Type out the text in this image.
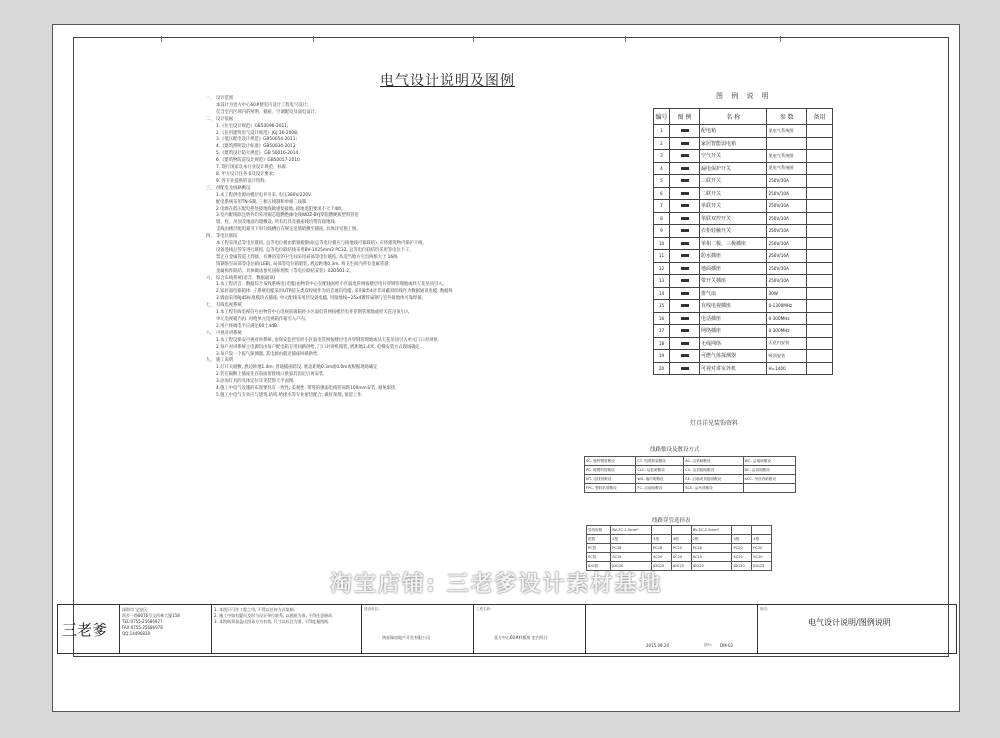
电气设计说明及图例
一、 设计范围
本设计为壹方中心60#楼室内设计工程电气设计;
仅含室内区域内的照明、插座、空调配电及弱电设计。
二、 设计依据
1.《住宅设计规范》GB50096-2011;
2.《民用建筑电气设计规范》JGJ 16-2008;
3.《低压配电设计规范》GB50054-2011;
4.《建筑照明设计标准》GB50034-2013
5.《建筑设计防火规范》 GB 50016-2014
6.《建筑物防雷设计规范》GB50057-2010
7. 现行国家及本行业设计规范、标准.
8. 甲方设计任务书及设计要求;
9. 各专业提供的设计资料;
三、 供配电及线路敷设
1.本工程供电源由楼层电井引来, 电压380V/220V.
配电系统采用TN-S制, 三相五线制和单相三线制.
2.电源在低压配电柜处接地线做重复接地, 接地电阻要求不大于4欧。
3.室内配线除注明外均采用铜芯阻燃绝缘电线WDZ-BYJ穿阻燃硬质塑料管沿
墙、柱、吊顶及地面内暗敷设, 所有灯具及插座线均带有接地线.
支线由楼层配电箱引下时分线槽后在规定沿墙暗敷至插座, 具体详见施工图。
四、 等电位联结
本工程采用总等电位联结, 总等电位板由紫铜板制成(总等电位板应与接地线可靠联结), 应将建筑物内保护干线、
设备进线总管等进行联结, 总等电位联结线采用BV-1X25mm2 PC32, 总等电位联结均采用等电位卡子,
禁止在金属管道上焊接。有淋浴室的卫生间采用局部等电位联结, 从适当地方引出两根大于 16线
钩钢筋至局部等电位箱(LEB), 局部等电位箱暗装, 底边距地0.3m, 将卫生间内所有金属管道、
金属构件联结。具体做法参见国标图集《等电位联结安装》02D501-2。
六、 综合布线系统(语音、数据通讯)
1.本工程语音、数据综合布线系统电(光缆)由物管中心在配线间经小区弱电管网按楼层电井穿钢管埋地或经天花吊顶引入。
2.家居弱电箱箱体: 子系统电缆采用UTP超五类双绞线作为语音通讯电缆, 采用8类4对非屏蔽双绞线作为数据通讯电缆, 数据终
3.墙面采用RJ45标准模块式插座, 单元配线采用层设备电缆, 用接地线~25x4镀锌扁钢与室外接地体可靠焊接。
七、 有线电视系统
1.本工程有线电视信号由物管中心电视前端箱经小区弱电管网按楼层电井穿钢管埋地或经天花吊顶引入
单元电视箱内再. 再给单元电视箱作箱引入户内。
2.用户终端电平应满足60土4dB.
八、 可视对讲系统
1.本工程设保安可视对讲系统, 由保安监控室经小区弱电管网按楼层电井穿钢管埋地或从天花吊顶引入单元门口对讲机.
2.每户对讲系统主电源均由每户配电箱专用回路供给, 门口对讲机箱装, 底距地1.4米, 电梯安装方式现场确定.
3.每户设一个报气探测器, 其电源由就近插座回路供给.
九、 施工说明
1.灯开关暗敷, 底边距地1.4m; 普通插座暗设, 底边距地0.3m或0.0m或根据现场确定
2.装在隔断上插座先在南面留接线口供家具固定后再安装.
3.添加灯具的具体定位详见装饰天平面图.
4.施工中电气设施的布置要具有一致性, 美观性. 带进的强弱电线管间距100mm安装, 避免窜扰.
5.施工中电气专业应与建筑,结构,给排水等专业密切配合, 做好预埋, 预留工作.
图 例 说 明
编号	图 例	名 称	参 数	备用
1		配电箱	见电气系统图	
2		家居智能弱电箱		
3		空气开关	见电气系统图	
4		漏电保护开关	见电气系统图	
5		三联开关	250V/10A	
6		二联开关	250V/10A	
7		单联开关	250V/10A	
8		单联双控开关	250V/10A	
9		衣柜轻触开关	250V/10A	
10		单相二极、三极插座	250V/10A	
11		防水插座	250V/16A	
12		地面插座	250V/10A	
13		带开关插座	250V/10A	
14		排气扇	30W	
15		有线电视插座	0-1300MHz	
16		电话插座	0-300MHz	
17		网络插座	0-300MHz	
18		无线网络	天花内安装	
19		可燃气体探测器	吸顶安装	
20		可视对讲室外机	H=1400	
灯具详见装饰资料
线路敷设及敷设方式
SC- 镀锌钢管敷设	CT- 电缆桥架敷设	AC- 沿梁暗敷设	WC- 沿墙暗敷设
PC- 硬塑料管敷设	CLC- 沿柱暗敷设	CC- 沿顶板暗敷设	BC- 沿梁明敷设
MT- 电线管敷设	WS- 墙内明敷设	CE- 沿墙或顶板明敷设	ACC- 吊顶内暗敷设
FPC- 塑料软管敷设	FC- 沿地暗敷设	SCE- 沿吊顶敷设	
线路穿管选择表
导线规格	BV-ZC-1.5mm²			BV-ZC-2.5mm²		
根数	2根	3根	4根	2根	3根	4根
PC管	PC16	PC16	PC20	PC16	PC20	PC20
SC管	SC15	SC20	SC20	SC15	SC20	SC20
JDG管	JDG20	JDG20	JDG25	JDG20	JDG20	JDG25
淘宝店铺: 三老爹设计素材基地
三老爹
深圳市 宝安区
西乡一路8076号宝西林大厦158
TEL:0755-25686977
FAX:0755-25686978
QQ:14496839
1. 本图只可作工程之用, 不得以任何方式复制.
2. 施工中如有疑问及时与设计单位联系, 以图纸为准, 不得任意修改.
3. 本图纸须加盖出图章方为有效, 尺寸以标注为准, 不得度量图纸.
建设单位:
鸿星瑞房地产开发有限公司
工程名称:
壹方中心60#样板房 室内设计
2015.09.24	图号: DM-02
图名:
电气设计说明/图例说明
